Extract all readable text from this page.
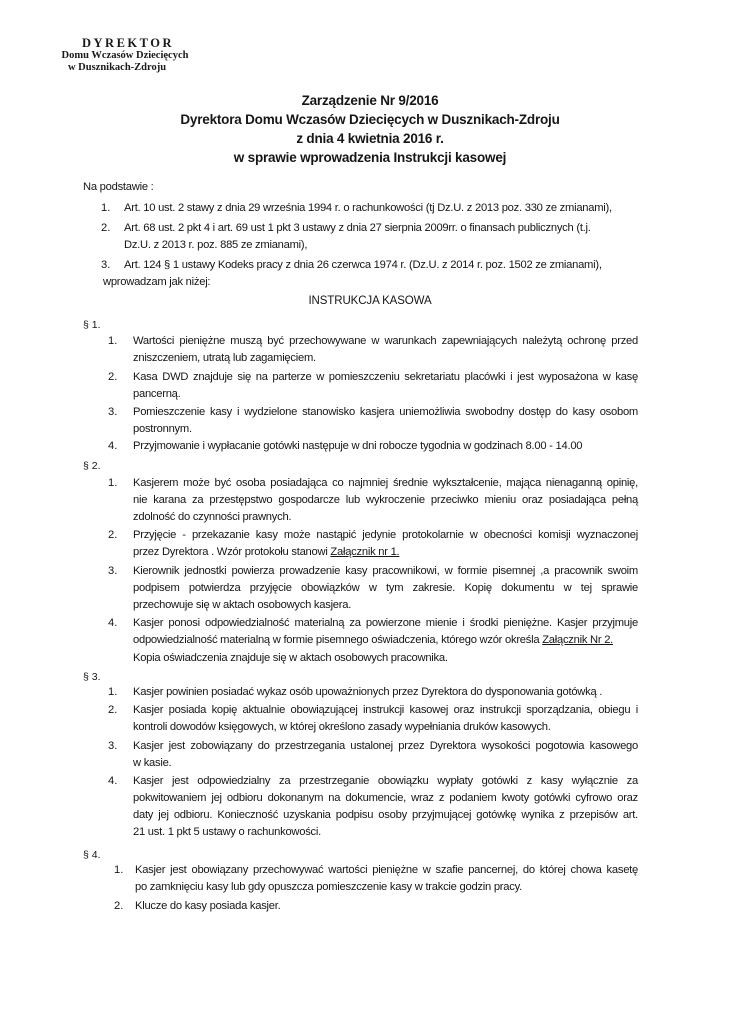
DYREKTOR
Domu Wczasów Dziecięcych
w Dusznikach-Zdroju
Zarządzenie Nr 9/2016
Dyrektora Domu Wczasów Dziecięcych w Dusznikach-Zdroju
z dnia 4 kwietnia 2016 r.
w sprawie wprowadzenia Instrukcji kasowej
Na podstawie :
1. Art. 10 ust. 2 stawy z dnia 29 września 1994 r. o rachunkowości (tj Dz.U. z 2013 poz. 330 ze zmianami),
2. Art. 68 ust. 2 pkt 4 i art. 69 ust 1 pkt 3 ustawy z dnia 27 sierpnia 2009rr. o finansach publicznych (t.j.
Dz.U. z 2013 r. poz. 885 ze zmianami),
3. Art. 124 § 1 ustawy Kodeks pracy z dnia 26 czerwca 1974 r. (Dz.U. z 2014 r. poz. 1502 ze zmianami),
wprowadzam jak niżej:
INSTRUKCJA KASOWA
§ 1.
1. Wartości pieniężne muszą być przechowywane w warunkach zapewniających należytą ochronę przed
zniszczeniem, utratą lub zagamięciem.
2. Kasa DWD znajduje się na parterze w pomieszczeniu sekretariatu placówki i jest wyposażona w kasę
pancerną.
3. Pomieszczenie kasy i wydzielone stanowisko kasjera uniemożliwia swobodny dostęp do kasy osobom
postronnym.
4. Przyjmowanie i wypłacanie gotówki następuje w dni robocze tygodnia w godzinach 8.00 - 14.00
§ 2.
1. Kasjerem może być osoba posiadająca co najmniej średnie wykształcenie, mająca nienaganną opinię,
nie karana za przestępstwo gospodarcze lub wykroczenie przeciwko mieniu oraz posiadająca pełną
zdolność do czynności prawnych.
2. Przyjęcie - przekazanie kasy może nastąpić jedynie protokolarnie w obecności komisji wyznaczonej
przez Dyrektora . Wzór protokołu stanowi Załącznik nr 1.
3. Kierownik jednostki powierza prowadzenie kasy pracownikowi, w formie pisemnej ,a pracownik swoim
podpisem potwierdza przyjęcie obowiązków w tym zakresie. Kopię dokumentu w tej sprawie
przechowuje się w aktach osobowych kasjera.
4. Kasjer ponosi odpowiedzialność materialną za powierzone mienie i środki pieniężne. Kasjer przyjmuje
odpowiedzialność materialną w formie pisemnego oświadczenia, którego wzór określa Załącznik Nr 2.
Kopia oświadczenia znajduje się w aktach osobowych pracownika.
§ 3.
1. Kasjer powinien posiadać wykaz osób upoważnionych przez Dyrektora do dysponowania gotówką .
2. Kasjer posiada kopię aktualnie obowiązującej instrukcji kasowej oraz instrukcji sporządzania, obiegu i
kontroli dowodów księgowych, w której określono zasady wypełniania druków kasowych.
3. Kasjer jest zobowiązany do przestrzegania ustalonej przez Dyrektora wysokości pogotowia kasowego
w kasie.
4. Kasjer jest odpowiedzialny za przestrzeganie obowiązku wypłaty gotówki z kasy wyłącznie za
pokwitowaniem jej odbioru dokonanym na dokumencie, wraz z podaniem kwoty gotówki cyfrowo oraz
daty jej odbioru. Konieczność uzyskania podpisu osoby przyjmującej gotówkę wynika z przepisów art.
21 ust. 1 pkt 5 ustawy o rachunkowości.
§ 4.
1. Kasjer jest obowiązany przechowywać wartości pieniężne w szafie pancernej, do której chowa kasetę
po zamknięciu kasy lub gdy opuszcza pomieszczenie kasy w trakcie godzin pracy.
2. Klucze do kasy posiada kasjer.
